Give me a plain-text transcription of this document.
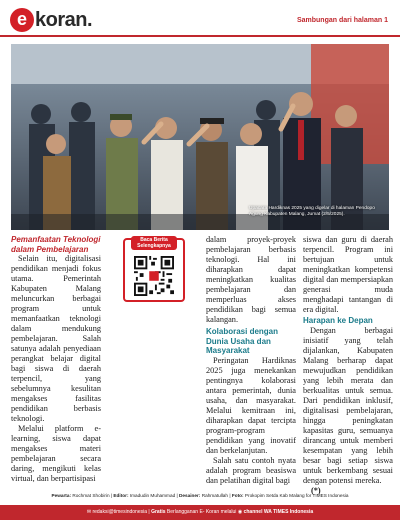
e koran.	Sambungan dari halaman 1
Upacara Hardiknas 2025 yang digelar di halaman Pendopo Agung Kabupaten Malang, Jumat (2/5/2025).
Pemanfaatan Teknologi dalam Pembelajaran

Selain itu, digitalisasi pendidikan menjadi fokus utama. Pemerintah Kabupaten Malang meluncurkan berbagai program untuk memanfaatkan teknologi dalam mendukung pembelajaran. Salah satunya adalah penyediaan perangkat belajar digital bagi siswa di daerah terpencil, yang sebelumnya kesulitan mengakses fasilitas pendidikan berbasis teknologi.

Melalui platform e-learning, siswa dapat mengakses materi pembelajaran secara daring, mengikuti kelas virtual, dan berpartisipasi

dalam proyek-proyek pembelajaran berbasis teknologi. Hal ini diharapkan dapat meningkatkan kualitas pembelajaran dan memperluas akses pendidikan bagi semua kalangan.

Kolaborasi dengan Dunia Usaha dan Masyarakat

Peringatan Hardiknas 2025 juga menekankan pentingnya kolaborasi antara pemerintah, dunia usaha, dan masyarakat. Melalui kemitraan ini, diharapkan dapat tercipta program-program pendidikan yang inovatif dan berkelanjutan.

Salah satu contoh nyata adalah program beasiswa dan pelatihan digital bagi

siswa dan guru di daerah terpencil. Program ini bertujuan untuk meningkatkan kompetensi digital dan mempersiapkan generasi muda menghadapi tantangan di era digital.

Harapan ke Depan

Dengan berbagai inisiatif yang telah dijalankan, Kabupaten Malang berharap dapat mewujudkan pendidikan yang lebih merata dan berkualitas untuk semua. Dari pendidikan inklusif, digitalisasi pembelajaran, hingga peningkatan kapasitas guru, semuanya dirancang untuk memberi kesempatan yang lebih besar bagi setiap siswa untuk berkembang sesuai dengan potensi mereka.

(*)
Pewarta: Rochmat Shobirin | Editor: Imadudin Muhammad | Desainer: Rahmatullah | Foto: Prokopim Setda Kab Malang for TIMES Indonesia
✉ redaksi@timesindonesia | Gratis Berlangganan E- Koran melalui ◉ channel WA TIMES Indonesia
Baca Berita Selengkapnya
